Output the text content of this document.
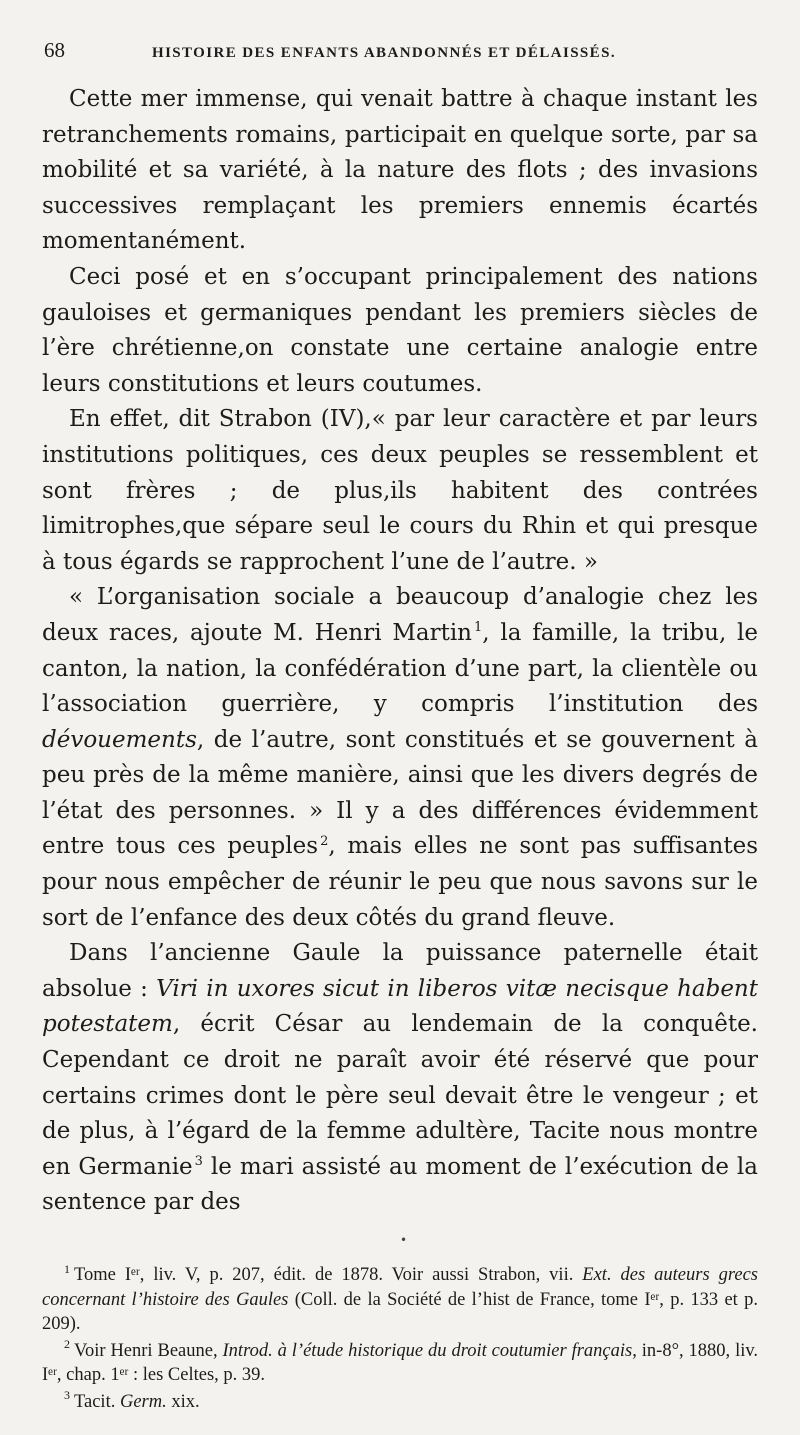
68	HISTOIRE DES ENFANTS ABANDONNÉS ET DÉLAISSÉS.

Cette mer immense, qui venait battre à chaque instant les retranchements romains, participait en quelque sorte, par sa mobilité et sa variété, à la nature des flots ; des invasions successives remplaçant les premiers ennemis écartés momentanément.

Ceci posé et en s’occupant principalement des nations gauloises et germaniques pendant les premiers siècles de l’ère chrétienne,on constate une certaine analogie entre leurs constitutions et leurs coutumes.

En effet, dit Strabon (IV),« par leur caractère et par leurs institutions politiques, ces deux peuples se ressemblent et sont frères ; de plus,ils habitent des contrées limitrophes,que sépare seul le cours du Rhin et qui presque à tous égards se rapprochent l’une de l’autre. »

« L’organisation sociale a beaucoup d’analogie chez les deux races, ajoute M. Henri Martin $^1$, la famille, la tribu, le canton, la nation, la confédération d’une part, la clientèle ou l’association guerrière, y compris l’institution des dévouements, de l’autre, sont constitués et se gouvernent à peu près de la même manière, ainsi que les divers degrés de l’état des personnes. » Il y a des différences évidemment entre tous ces peuples $^2$, mais elles ne sont pas suffisantes pour nous empêcher de réunir le peu que nous savons sur le sort de l’enfance des deux côtés du grand fleuve.

Dans l’ancienne Gaule la puissance paternelle était absolue : Viri in uxores sicut in liberos vitæ necisque habent potestatem, écrit César au lendemain de la conquête. Cependant ce droit ne paraît avoir été réservé que pour certains crimes dont le père seul devait être le vengeur ; et de plus, à l’égard de la femme adultère, Tacite nous montre en Germanie $^3$ le mari assisté au moment de l’exécution de la sentence par des

•

$^1$ Tome Iᵉʳ, liv. V, p. 207, édit. de 1878. Voir aussi Strabon, vii. Ext. des auteurs grecs concernant l’histoire des Gaules (Coll. de la Société de l’hist de France, tome Iᵉʳ, p. 133 et p. 209).

$^2$ Voir Henri Beaune, Introd. à l’étude historique du droit coutumier français, in-8°, 1880, liv. Iᵉʳ, chap. 1ᵉʳ : les Celtes, p. 39.

$^3$ Tacit. Germ. xix.
